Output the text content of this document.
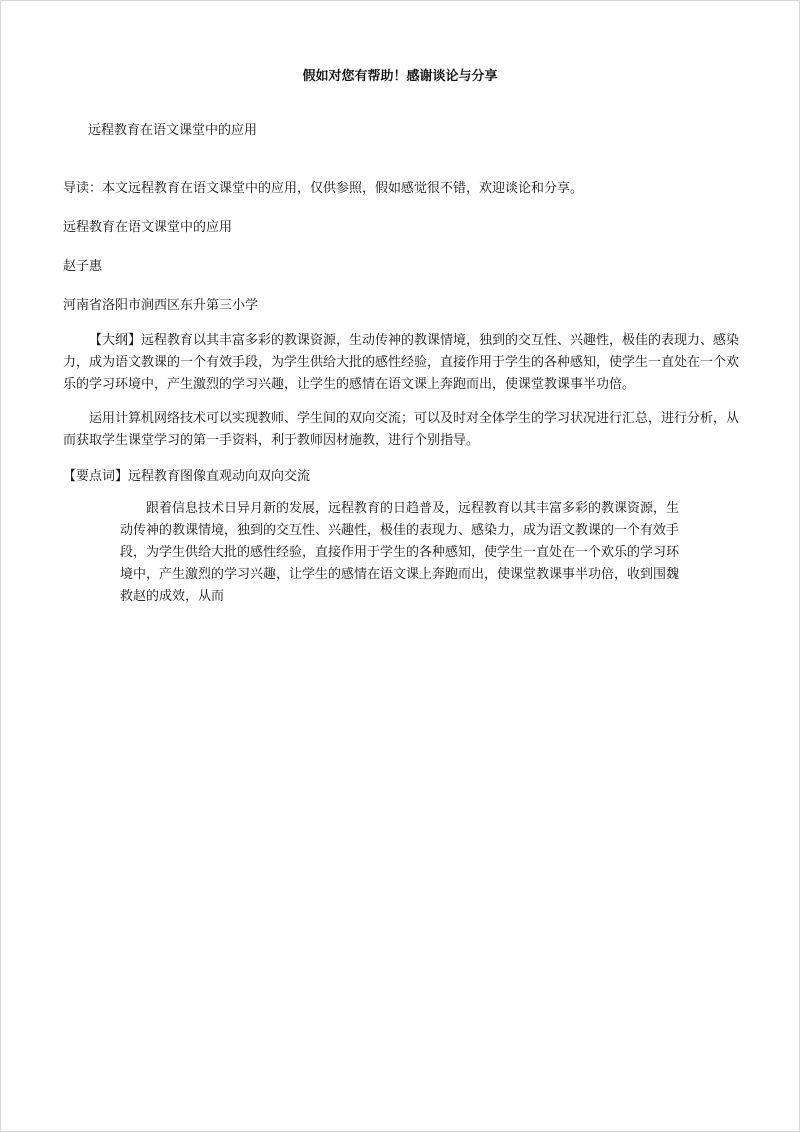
假如对您有帮助！感谢谈论与分享
远程教育在语文课堂中的应用
导读：本文远程教育在语文课堂中的应用，仅供参照，假如感觉很不错，欢迎谈论和分享。
远程教育在语文课堂中的应用
赵子惠
河南省洛阳市涧西区东升第三小学
【大纲】远程教育以其丰富多彩的教课资源，生动传神的教课情境，独到的交互性、兴趣性，极佳的表现力、感染力，成为语文教课的一个有效手段，为学生供给大批的感性经验，直接作用于学生的各种感知，使学生一直处在一个欢乐的学习环境中，产生激烈的学习兴趣，让学生的感情在语文课上奔跑而出，使课堂教课事半功倍。
运用计算机网络技术可以实现教师、学生间的双向交流；可以及时对全体学生的学习状况进行汇总，进行分析，从而获取学生课堂学习的第一手资料，利于教师因材施教，进行个别指导。
【要点词】远程教育图像直观动向双向交流
跟着信息技术日异月新的发展，远程教育的日趋普及，远程教育以其丰富多彩的教课资源，生动传神的教课情境，独到的交互性、兴趣性，极佳的表现力、感染力，成为语文教课的一个有效手段，为学生供给大批的感性经验，直接作用于学生的各种感知，使学生一直处在一个欢乐的学习环境中，产生激烈的学习兴趣，让学生的感情在语文课上奔跑而出，使课堂教课事半功倍，收到围魏救赵的成效，从而
